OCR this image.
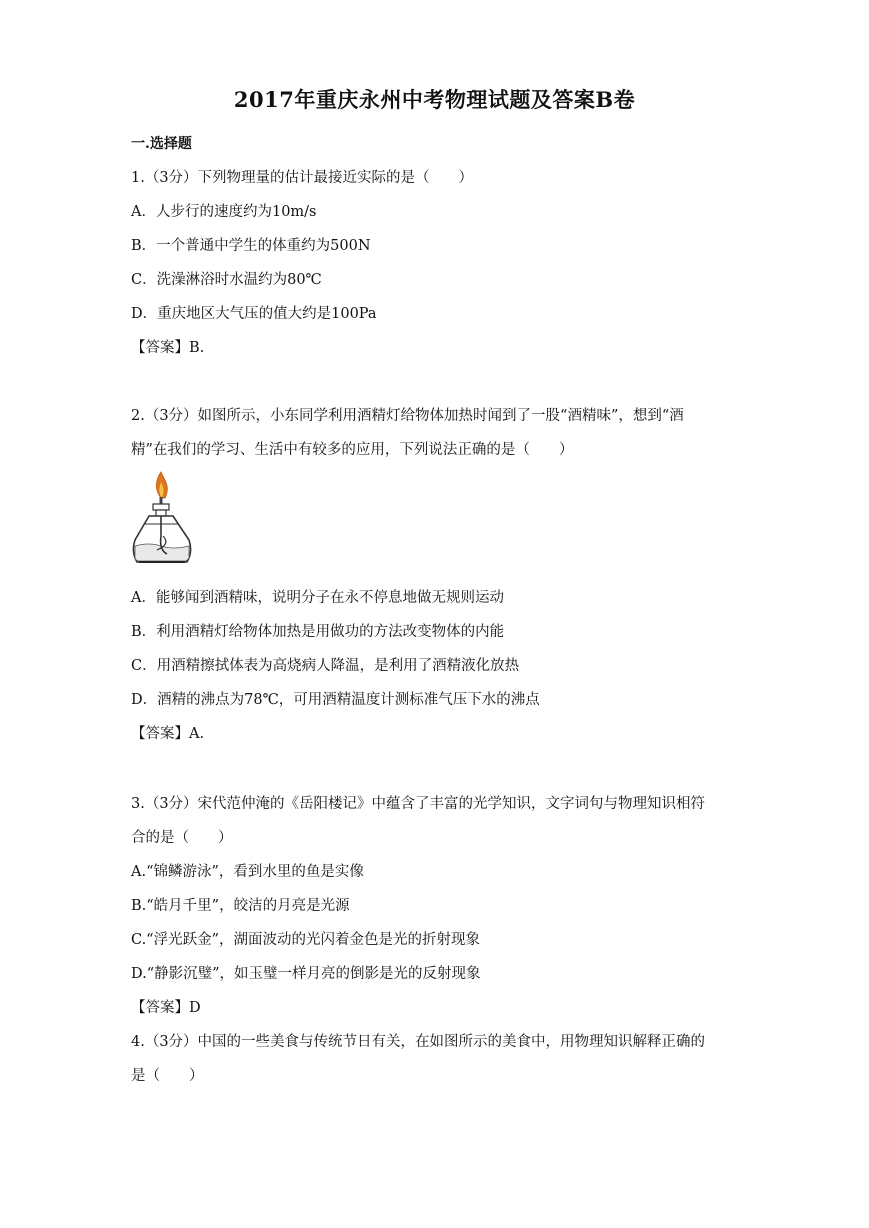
2017年重庆永州中考物理试题及答案B卷
一.选择题
1.（3分）下列物理量的估计最接近实际的是（　　）
A．人步行的速度约为10m/s
B．一个普通中学生的体重约为500N
C．洗澡淋浴时水温约为80℃
D．重庆地区大气压的值大约是100Pa
【答案】B.
2.（3分）如图所示，小东同学利用酒精灯给物体加热时闻到了一股“酒精味”，想到“酒
精”在我们的学习、生活中有较多的应用，下列说法正确的是（　　）
A．能够闻到酒精味，说明分子在永不停息地做无规则运动
B．利用酒精灯给物体加热是用做功的方法改变物体的内能
C．用酒精擦拭体表为高烧病人降温，是利用了酒精液化放热
D．酒精的沸点为78℃，可用酒精温度计测标准气压下水的沸点
【答案】A.
3.（3分）宋代范仲淹的《岳阳楼记》中蕴含了丰富的光学知识，文字词句与物理知识相符
合的是（　　）
A.“锦鳞游泳”，看到水里的鱼是实像
B.“皓月千里”，皎洁的月亮是光源
C.“浮光跃金”，湖面波动的光闪着金色是光的折射现象
D.“静影沉璧”，如玉璧一样月亮的倒影是光的反射现象
【答案】D
4.（3分）中国的一些美食与传统节日有关，在如图所示的美食中，用物理知识解释正确的
是（　　）
